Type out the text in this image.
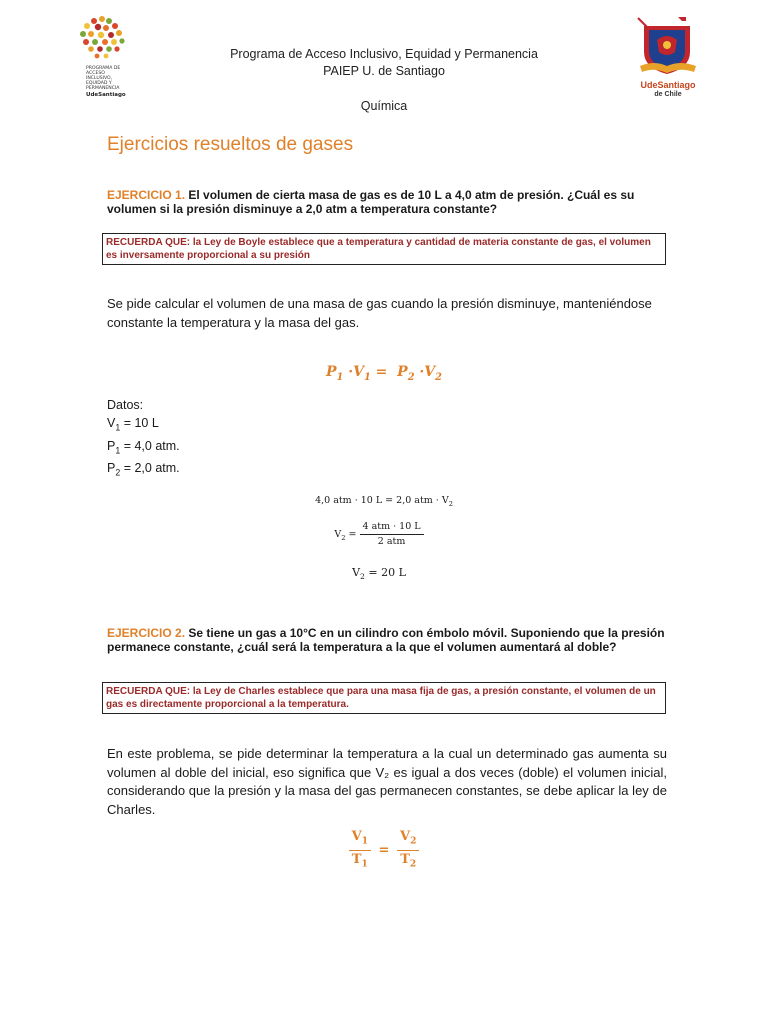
Programa de Acceso Inclusivo, Equidad y Permanencia
PAIEP U. de Santiago
Química
PROGRAMA DE
ACCESO
INCLUSIVO,
EQUIDAD Y
PERMANENCIA
UdeSantiago
UdeSantiago
de Chile
Ejercicios resueltos de gases
EJERCICIO 1. El volumen de cierta masa de gas es de 10 L a 4,0 atm de presión. ¿Cuál es su volumen si la presión disminuye a 2,0 atm a temperatura constante?
RECUERDA QUE: la Ley de Boyle establece que a temperatura y cantidad de materia constante de gas, el volumen es inversamente proporcional a su presión
Se pide calcular el volumen de una masa de gas cuando la presión disminuye, manteniéndose constante la temperatura y la masa del gas.
$P_1 \cdot V_1 = P_2 \cdot V_2$
Datos:
$V_1 = 10$ L
$P_1 = 4,0$ atm.
$P_2 = 2,0$ atm.
4,0 atm · 10 L = 2,0 atm · $V_2$
$V_2 = \frac{\text{4 atm · 10 L}}{\text{2 atm}}$
$V_2 = 20$ L
EJERCICIO 2. Se tiene un gas a 10°C en un cilindro con émbolo móvil. Suponiendo que la presión permanece constante, ¿cuál será la temperatura a la que el volumen aumentará al doble?
RECUERDA QUE: la Ley de Charles establece que para una masa fija de gas, a presión constante, el volumen de un gas es directamente proporcional a la temperatura.
En este problema, se pide determinar la temperatura a la cual un determinado gas aumenta su volumen al doble del inicial, eso significa que V₂ es igual a dos veces (doble) el volumen inicial, considerando que la presión y la masa del gas permanecen constantes, se debe aplicar la ley de Charles.
$\frac{V_1}{T_1} = \frac{V_2}{T_2}$
